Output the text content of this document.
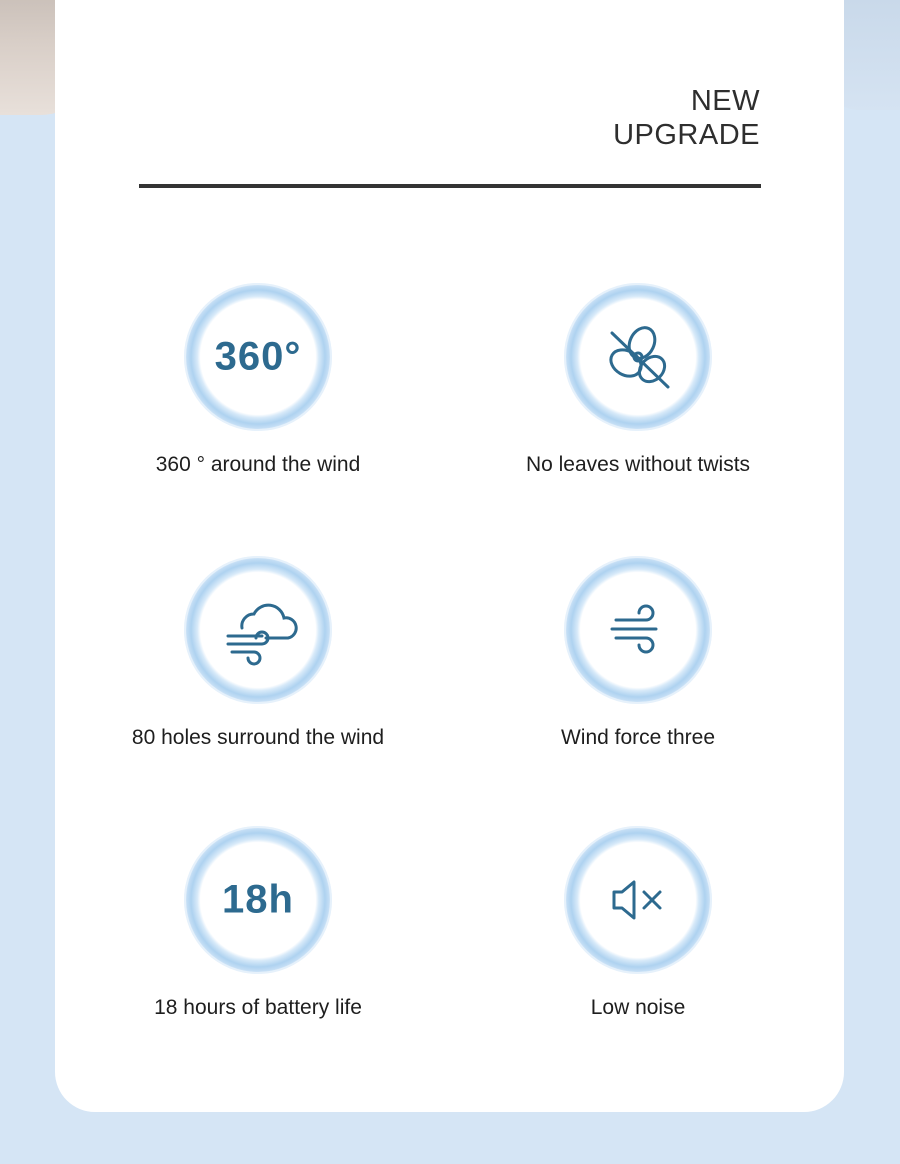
NEW
UPGRADE
360°
360 ° around the wind	No leaves without twists
80 holes surround the wind	Wind force three
18h
18 hours of battery life	Low noise
